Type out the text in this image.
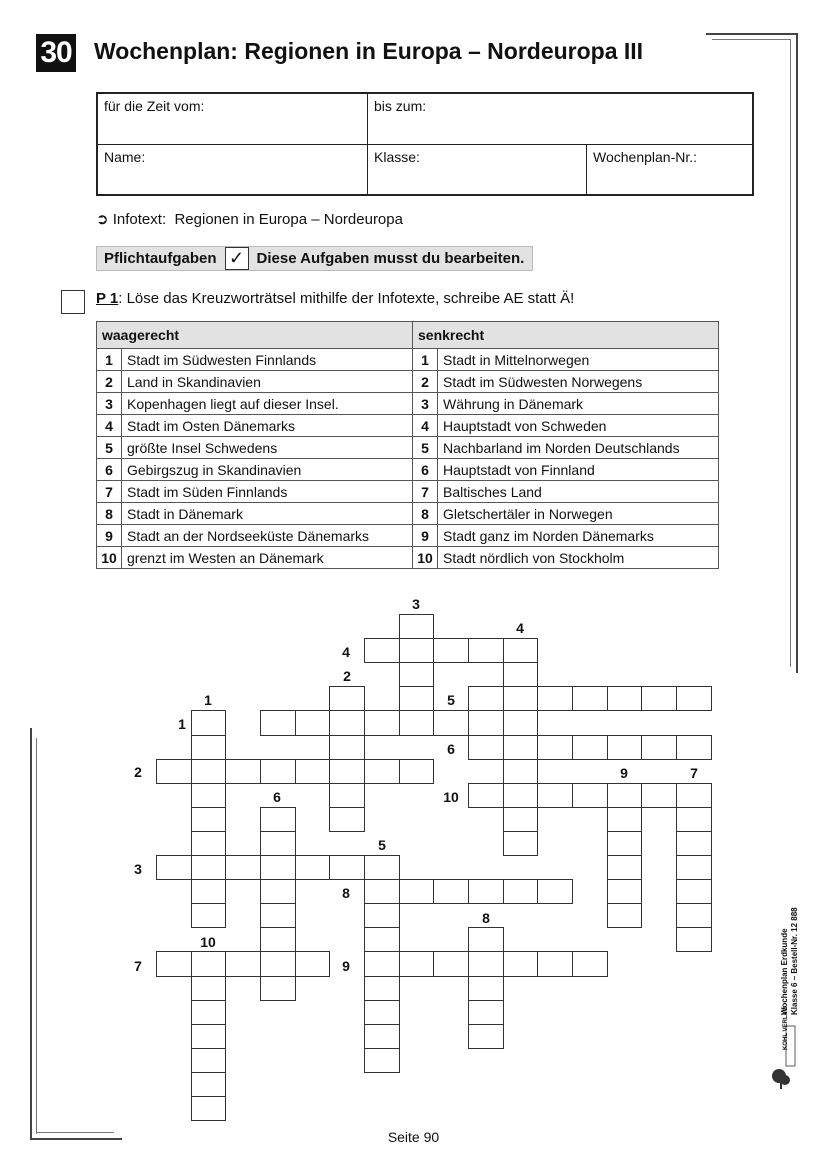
30 Wochenplan: Regionen in Europa – Nordeuropa III
für die Zeit vom:	bis zum:
Name:	Klasse:	Wochenplan-Nr.:
➲ Infotext: Regionen in Europa – Nordeuropa
Pflichtaufgaben ✓ Diese Aufgaben musst du bearbeiten.
P 1: Löse das Kreuzworträtsel mithilfe der Infotexte, schreibe AE statt Ä!
waagerecht		senkrecht	
1	Stadt im Südwesten Finnlands	1	Stadt in Mittelnorwegen
2	Land in Skandinavien	2	Stadt im Südwesten Norwegens
3	Kopenhagen liegt auf dieser Insel.	3	Währung in Dänemark
4	Stadt im Osten Dänemarks	4	Hauptstadt von Schweden
5	größte Insel Schwedens	5	Nachbarland im Norden Deutschlands
6	Gebirgszug in Skandinavien	6	Hauptstadt von Finnland
7	Stadt im Süden Finnlands	7	Baltisches Land
8	Stadt in Dänemark	8	Gletschertäler in Norwegen
9	Stadt an der Nordseeküste Dänemarks	9	Stadt ganz im Norden Dänemarks
10	grenzt im Westen an Dänemark	10	Stadt nördlich von Stockholm
1
2
3
4
5
6
7
8
9
10
1
2
3
4
5
6
7
8
9
10
Seite 90
KOHL VERLAG
Wochenplan Erdkunde Klasse 6 – Bestell-Nr. 12 888
